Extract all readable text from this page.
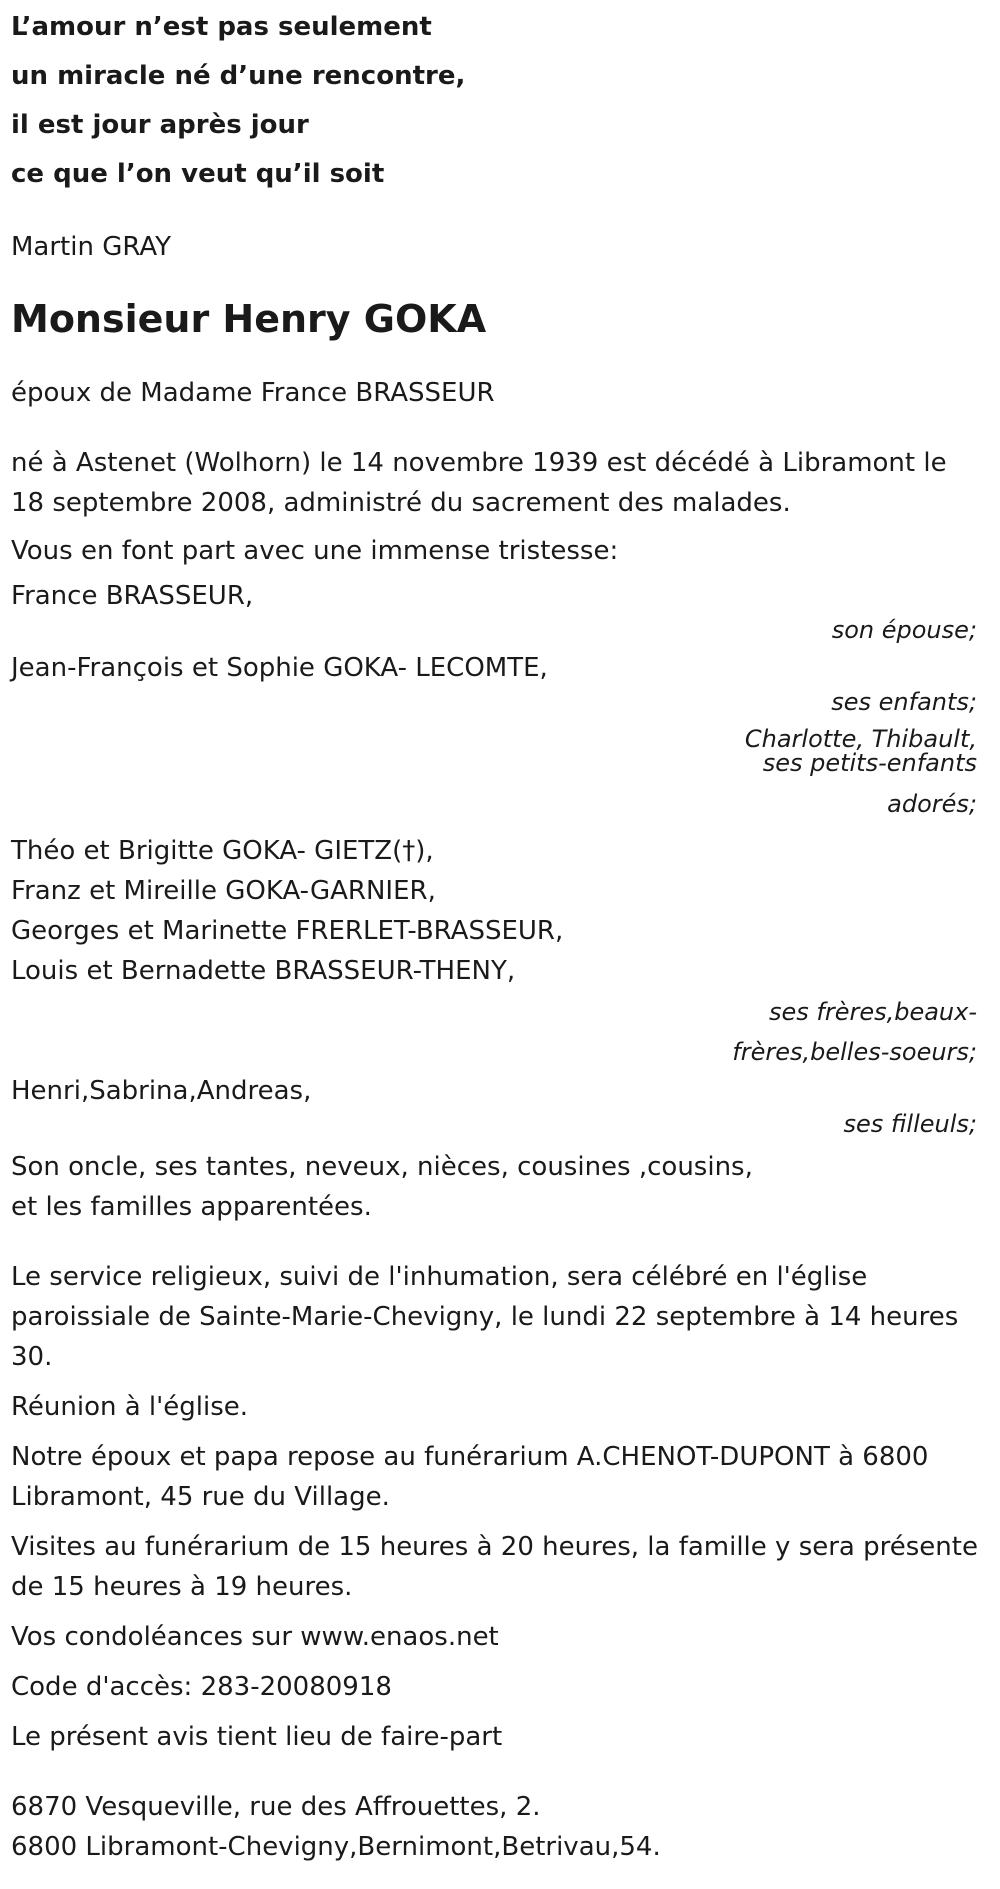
L’amour n’est pas seulement
un miracle né d’une rencontre,
il est jour après jour
ce que l’on veut qu’il soit
Martin GRAY
Monsieur Henry GOKA
époux de Madame France BRASSEUR
né à Astenet (Wolhorn) le 14 novembre 1939 est décédé à Libramont le
18 septembre 2008, administré du sacrement des malades.
Vous en font part avec une immense tristesse:
France BRASSEUR,
son épouse;
Jean-François et Sophie GOKA- LECOMTE,
ses enfants;
Charlotte, Thibault,
ses petits-enfants
adorés;
Théo et Brigitte GOKA- GIETZ(†),
Franz et Mireille GOKA-GARNIER,
Georges et Marinette FRERLET-BRASSEUR,
Louis et Bernadette BRASSEUR-THENY,
ses frères,beaux-
frères,belles-soeurs;
Henri,Sabrina,Andreas,
ses filleuls;
Son oncle, ses tantes, neveux, nièces, cousines ,cousins,
et les familles apparentées.
Le service religieux, suivi de l'inhumation, sera célébré en l'église
paroissiale de Sainte-Marie-Chevigny, le lundi 22 septembre à 14 heures
30.
Réunion à l'église.
Notre époux et papa repose au funérarium A.CHENOT-DUPONT à 6800
Libramont, 45 rue du Village.
Visites au funérarium de 15 heures à 20 heures, la famille y sera présente
de 15 heures à 19 heures.
Vos condoléances sur www.enaos.net
Code d'accès: 283-20080918
Le présent avis tient lieu de faire-part
6870 Vesqueville, rue des Affrouettes, 2.
6800 Libramont-Chevigny,Bernimont,Betrivau,54.
